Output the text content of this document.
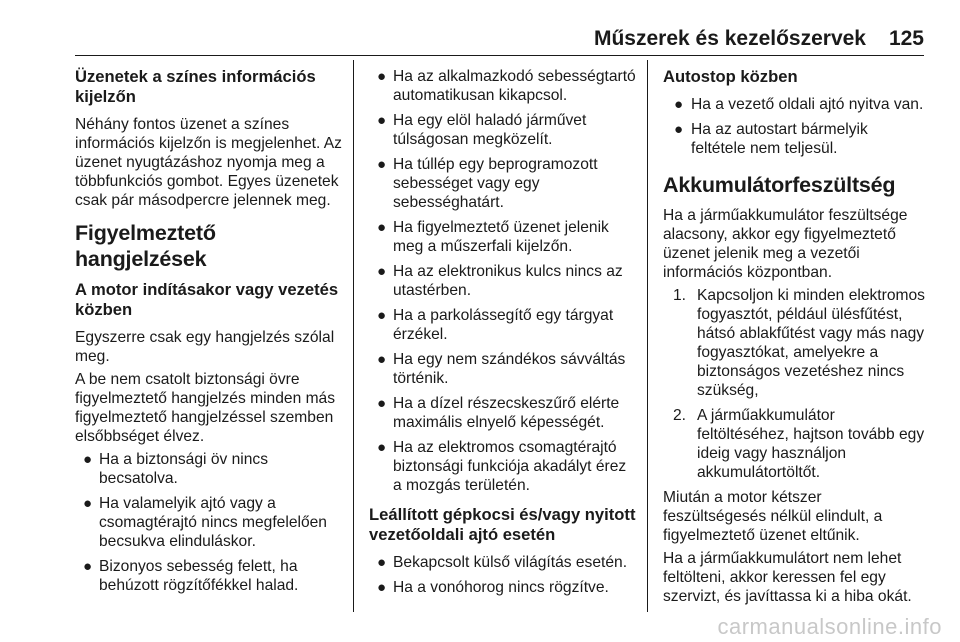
Műszerek és kezelőszervek 125
Üzenetek a színes információs kijelzőn

Néhány fontos üzenet a színes információs kijelzőn is megjelenhet. Az üzenet nyugtázáshoz nyomja meg a többfunkciós gombot. Egyes üzenetek csak pár másodpercre jelennek meg.

Figyelmeztető hangjelzések
A motor indításakor vagy vezetés közben

Egyszerre csak egy hangjelzés szólal meg.

A be nem csatolt biztonsági övre figyelmeztető hangjelzés minden más figyelmeztető hangjelzéssel szemben elsőbbséget élvez.

● Ha a biztonsági öv nincs becsatolva.
● Ha valamelyik ajtó vagy a csomagtérajtó nincs megfelelően becsukva elinduláskor.
● Bizonyos sebesség felett, ha behúzott rögzítőfékkel halad.
● Ha az alkalmazkodó sebességtartó automatikusan kikapcsol.
● Ha egy elöl haladó járművet túlságosan megközelít.
● Ha túllép egy beprogramozott sebességet vagy egy sebességhatárt.
● Ha figyelmeztető üzenet jelenik meg a műszerfali kijelzőn.
● Ha az elektronikus kulcs nincs az utastérben.
● Ha a parkolássegítő egy tárgyat érzékel.
● Ha egy nem szándékos sávváltás történik.
● Ha a dízel részecskeszűrő elérte maximális elnyelő képességét.
● Ha az elektromos csomagtérajtó biztonsági funkciója akadályt érez a mozgás területén.
Leállított gépkocsi és/vagy nyitott vezetőoldali ajtó esetén
● Bekapcsolt külső világítás esetén.
● Ha a vonóhorog nincs rögzítve.
Autostop közben
● Ha a vezető oldali ajtó nyitva van.
● Ha az autostart bármelyik feltétele nem teljesül.
Akkumulátorfeszültség

Ha a járműakkumulátor feszültsége alacsony, akkor egy figyelmeztető üzenet jelenik meg a vezetői információs központban.

1. Kapcsoljon ki minden elektromos fogyasztót, például ülésfűtést, hátsó ablakfűtést vagy más nagy fogyasztókat, amelyekre a biztonságos vezetéshez nincs szükség,
2. A járműakkumulátor feltöltéséhez, hajtson tovább egy ideig vagy használjon akkumulátortöltőt.

Miután a motor kétszer feszültségesés nélkül elindult, a figyelmeztető üzenet eltűnik.

Ha a járműakkumulátort nem lehet feltölteni, akkor keressen fel egy szervizt, és javíttassa ki a hiba okát.

carmanualsonline.info
